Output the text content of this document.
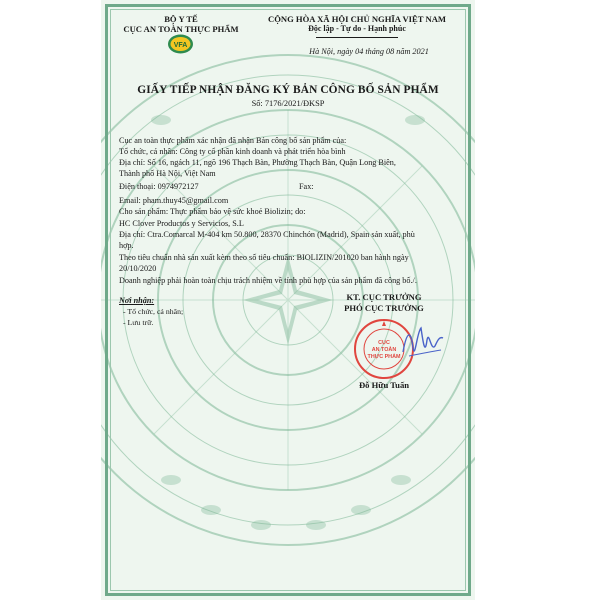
BỘ Y TẾ
CỤC AN TOÀN THỰC PHẨM
VFA
CỘNG HÒA XÃ HỘI CHỦ NGHĨA VIỆT NAM
Độc lập - Tự do - Hạnh phúc
Hà Nội, ngày 04 tháng 08 năm 2021
GIẤY TIẾP NHẬN ĐĂNG KÝ BẢN CÔNG BỐ SẢN PHẨM
Số: 7176/2021/ĐKSP
Cục an toàn thực phẩm xác nhận đã nhận Bản công bố sản phẩm của:
Tổ chức, cá nhân: Công ty cổ phần kinh doanh và phát triển hòa bình
Địa chỉ: Số 16, ngách 11, ngõ 196 Thạch Bàn, Phường Thạch Bàn, Quận Long Biên,
Thành phố Hà Nội, Việt Nam
Điện thoại: 0974972127	Fax:
Email: pham.thuy45@gmail.com
Cho sản phẩm: Thực phẩm bảo vệ sức khoẻ Biolizin; do:
HC Clover Productos y Servicios, S.L
Địa chỉ: Ctra.Comarcal M-404 km 50.800, 28370 Chinchón (Madrid), Spain sản xuất, phù
hợp.
Theo tiêu chuẩn nhà sản xuất kèm theo số tiêu chuẩn: BIOLIZIN/201020 ban hành ngày
20/10/2020
Doanh nghiệp phải hoàn toàn chịu trách nhiệm về tính phù hợp của sản phẩm đã công bố./.
Nơi nhận:
- Tổ chức, cá nhân;
- Lưu trữ.
KT. CỤC TRƯỞNG
PHÓ CỤC TRƯỞNG
CỤC
AN TOÀN
THỰC PHẨM
Đỗ Hữu Tuấn
